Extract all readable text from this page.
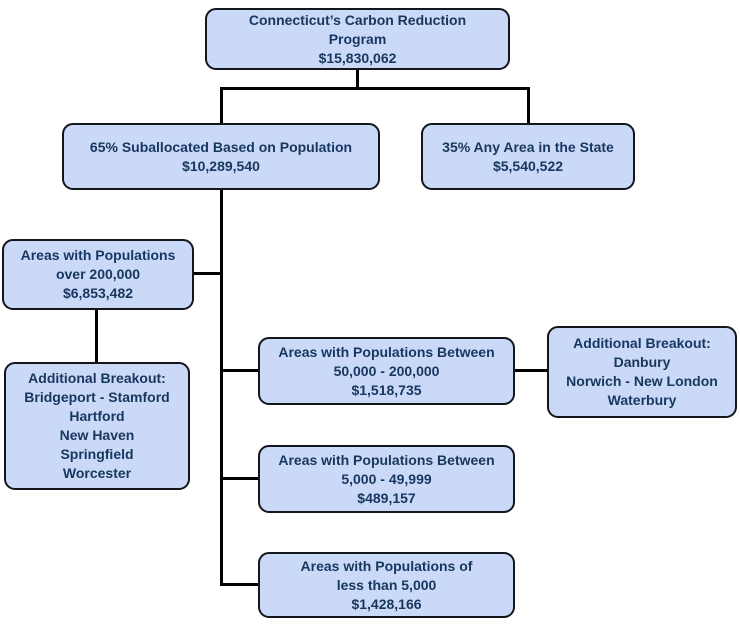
Connecticut’s Carbon Reduction
Program
$15,830,062
65% Suballocated Based on Population
$10,289,540
35% Any Area in the State
$5,540,522
Areas with Populations
over 200,000
$6,853,482
Additional Breakout:
Bridgeport - Stamford
Hartford
New Haven
Springfield
Worcester
Areas with Populations Between
50,000 - 200,000
$1,518,735
Additional Breakout:
Danbury
Norwich - New London
Waterbury
Areas with Populations Between
5,000 - 49,999
$489,157
Areas with Populations of
less than 5,000
$1,428,166
